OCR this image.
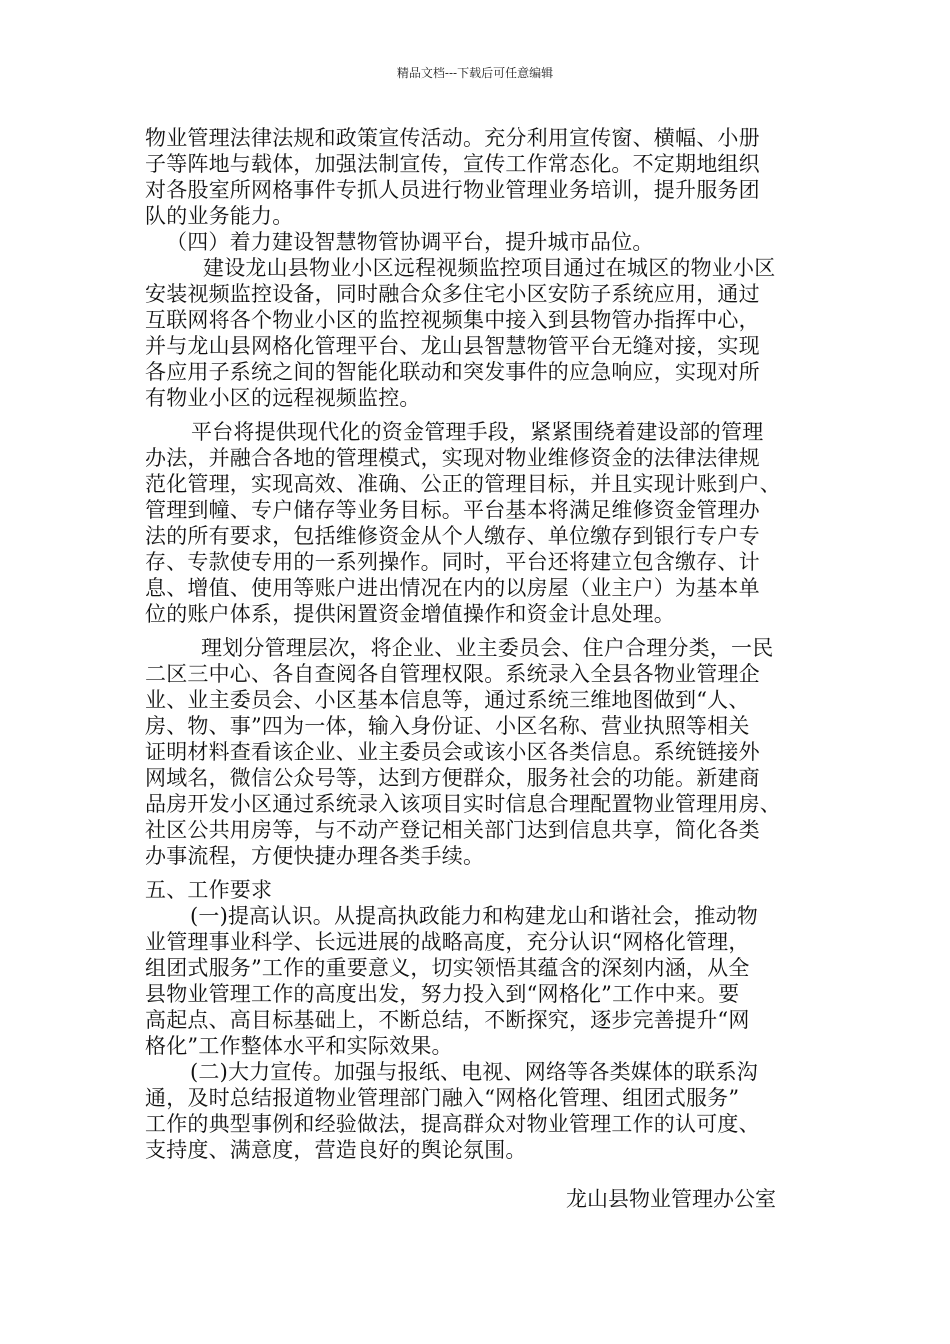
精品文档---下载后可任意编辑
物业管理法律法规和政策宣传活动。充分利用宣传窗、横幅、小册
子等阵地与载体，加强法制宣传，宣传工作常态化。不定期地组织
对各股室所网格事件专抓人员进行物业管理业务培训，提升服务团
队的业务能力。
（四）着力建设智慧物管协调平台，提升城市品位。
建设龙山县物业小区远程视频监控项目通过在城区的物业小区
安装视频监控设备，同时融合众多住宅小区安防子系统应用，通过
互联网将各个物业小区的监控视频集中接入到县物管办指挥中心，
并与龙山县网格化管理平台、龙山县智慧物管平台无缝对接，实现
各应用子系统之间的智能化联动和突发事件的应急响应，实现对所
有物业小区的远程视频监控。
平台将提供现代化的资金管理手段，紧紧围绕着建设部的管理
办法，并融合各地的管理模式，实现对物业维修资金的法律法律规
范化管理，实现高效、准确、公正的管理目标，并且实现计账到户、
管理到幢、专户储存等业务目标。平台基本将满足维修资金管理办
法的所有要求，包括维修资金从个人缴存、单位缴存到银行专户专
存、专款使专用的一系列操作。同时，平台还将建立包含缴存、计
息、增值、使用等账户进出情况在内的以房屋（业主户）为基本单
位的账户体系，提供闲置资金增值操作和资金计息处理。
理划分管理层次，将企业、业主委员会、住户合理分类，一民
二区三中心、各自查阅各自管理权限。系统录入全县各物业管理企
业、业主委员会、小区基本信息等，通过系统三维地图做到“人、
房、物、事”四为一体，输入身份证、小区名称、营业执照等相关
证明材料查看该企业、业主委员会或该小区各类信息。系统链接外
网域名，微信公众号等，达到方便群众，服务社会的功能。新建商
品房开发小区通过系统录入该项目实时信息合理配置物业管理用房、
社区公共用房等，与不动产登记相关部门达到信息共享，简化各类
办事流程，方便快捷办理各类手续。
五、工作要求
(一)提高认识。从提高执政能力和构建龙山和谐社会，推动物
业管理事业科学、长远进展的战略高度，充分认识“网格化管理，
组团式服务”工作的重要意义，切实领悟其蕴含的深刻内涵，从全
县物业管理工作的高度出发，努力投入到“网格化”工作中来。要
高起点、高目标基础上，不断总结，不断探究，逐步完善提升“网
格化”工作整体水平和实际效果。
(二)大力宣传。加强与报纸、电视、网络等各类媒体的联系沟
通，及时总结报道物业管理部门融入“网格化管理、组团式服务”
工作的典型事例和经验做法，提高群众对物业管理工作的认可度、
支持度、满意度，营造良好的舆论氛围。
龙山县物业管理办公室
